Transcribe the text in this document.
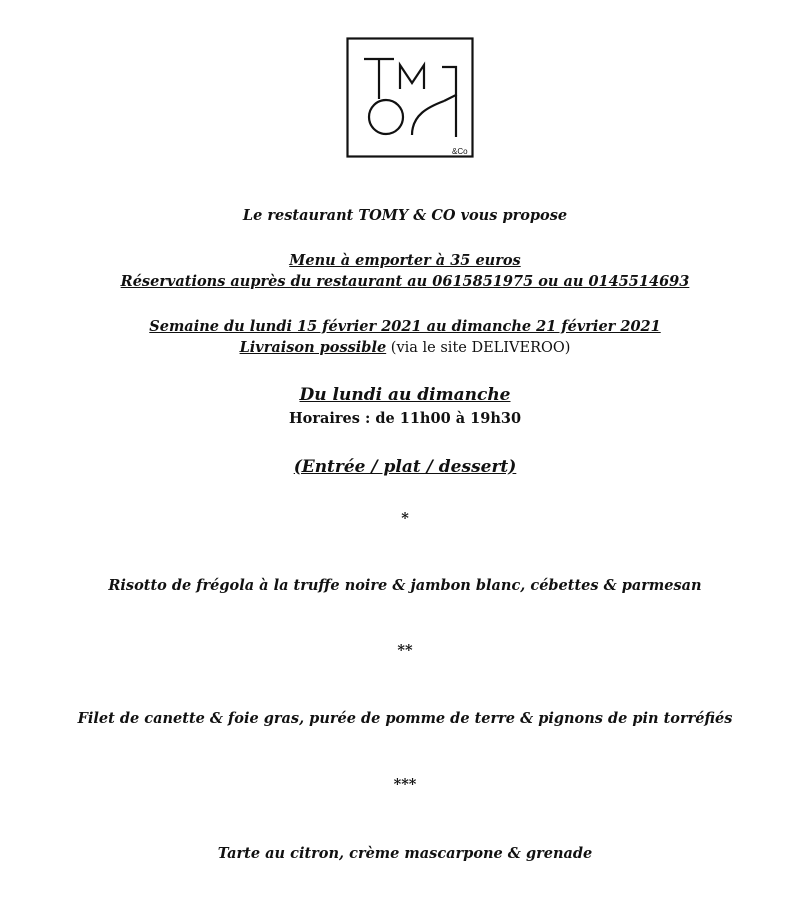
&Co
Le restaurant TOMY & CO vous propose
Menu à emporter à 35 euros
Réservations auprès du restaurant au 0615851975 ou au 0145514693
Semaine du lundi 15 février 2021 au dimanche 21 février 2021
Livraison possible (via le site DELIVEROO)
Du lundi au dimanche
Horaires : de 11h00 à 19h30
(Entrée / plat / dessert)
*
Risotto de frégola à la truffe noire & jambon blanc, cébettes & parmesan
**
Filet de canette & foie gras, purée de pomme de terre & pignons de pin torréfiés
***
Tarte au citron, crème mascarpone & grenade
